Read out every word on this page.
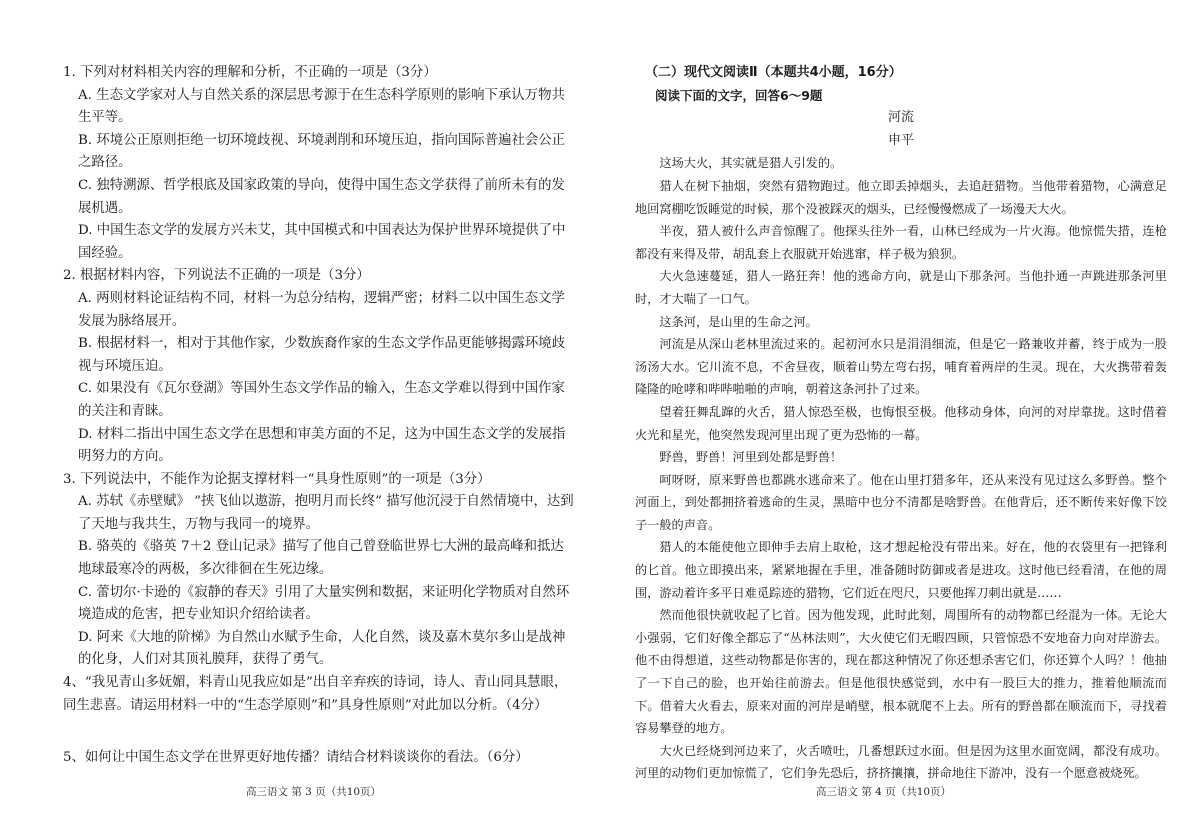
1. 下列对材料相关内容的理解和分析，不正确的一项是（3分）

A. 生态文学家对人与自然关系的深层思考源于在生态科学原则的影响下承认万物共生平等。

B. 环境公正原则拒绝一切环境歧视、环境剥削和环境压迫，指向国际普遍社会公正之路径。

C. 独特溯源、哲学根底及国家政策的导向，使得中国生态文学获得了前所未有的发展机遇。

D. 中国生态文学的发展方兴未艾，其中国模式和中国表达为保护世界环境提供了中国经验。

2. 根据材料内容，下列说法不正确的一项是（3分）

A. 两则材料论证结构不同，材料一为总分结构，逻辑严密；材料二以中国生态文学发展为脉络展开。

B. 根据材料一，相对于其他作家，少数族裔作家的生态文学作品更能够揭露环境歧视与环境压迫。

C. 如果没有《瓦尔登湖》等国外生态文学作品的输入，生态文学难以得到中国作家的关注和青睐。

D. 材料二指出中国生态文学在思想和审美方面的不足，这为中国生态文学的发展指明努力的方向。

3. 下列说法中，不能作为论据支撑材料一“具身性原则”的一项是（3分）

A. 苏轼《赤壁赋》 “挟飞仙以遨游，抱明月而长终” 描写他沉浸于自然情境中，达到了天地与我共生，万物与我同一的境界。

B. 骆英的《骆英 7＋2 登山记录》描写了他自己曾登临世界七大洲的最高峰和抵达地球最寒冷的两极，多次徘徊在生死边缘。

C. 蕾切尔·卡逊的《寂静的春天》引用了大量实例和数据，来证明化学物质对自然环境造成的危害，把专业知识介绍给读者。

D. 阿来《大地的阶梯》为自然山水赋予生命，人化自然，谈及嘉木莫尔多山是战神的化身，人们对其顶礼膜拜，获得了勇气。

4、“我见青山多妩媚，料青山见我应如是”出自辛弃疾的诗词，诗人、青山同具慧眼，同生悲喜。请运用材料一中的“生态学原则”和”具身性原则”对此加以分析。（4分）

5、如何让中国生态文学在世界更好地传播？请结合材料谈谈你的看法。（6分）

高三语文 第 3 页（共10页）

（二）现代文阅读Ⅱ（本题共4小题，16分）

阅读下面的文字，回答6～9题

河流

申平

这场大火，其实就是猎人引发的。

猎人在树下抽烟，突然有猎物跑过。他立即丢掉烟头，去追赶猎物。当他带着猎物，心满意足地回窝棚吃饭睡觉的时候，那个没被踩灭的烟头，已经慢慢燃成了一场漫天大火。

半夜，猎人被什么声音惊醒了。他探头往外一看，山林已经成为一片火海。他惊慌失措，连枪都没有来得及带，胡乱套上衣服就开始逃窜，样子极为狼狈。

大火急速蔓延，猎人一路狂奔！他的逃命方向，就是山下那条河。当他扑通一声跳进那条河里时，才大喘了一口气。

这条河，是山里的生命之河。

河流是从深山老林里流过来的。起初河水只是涓涓细流，但是它一路兼收并蓄，终于成为一股汤汤大水。它川流不息，不舍昼夜，顺着山势左弯右拐，哺育着两岸的生灵。现在，大火携带着轰隆隆的呛哮和哔哔啪啪的声响，朝着这条河扑了过来。

望着狂舞乱蹿的火舌，猎人惊恐至极，也悔恨至极。他移动身体，向河的对岸靠拢。这时借着火光和星光，他突然发现河里出现了更为恐怖的一幕。

野兽，野兽！河里到处都是野兽！

呵呀呀，原来野兽也都跳水逃命来了。他在山里打猎多年，还从来没有见过这么多野兽。整个河面上，到处都拥挤着逃命的生灵，黑暗中也分不清都是啥野兽。在他背后，还不断传来好像下饺子一般的声音。

猎人的本能使他立即伸手去肩上取枪，这才想起枪没有带出来。好在，他的衣袋里有一把锋利的匕首。他立即摸出来，紧紧地握在手里，准备随时防御或者是进攻。这时他已经看清，在他的周围，游动着许多平日难觅踪迹的猎物，它们近在咫尺，只要他挥刀刺出就是……

然而他很快就收起了匕首。因为他发现，此时此刻，周围所有的动物都已经混为一体。无论大小强弱，它们好像全都忘了“丛林法则”，大火使它们无暇四顾，只管惊恐不安地奋力向对岸游去。他不由得想道，这些动物都是你害的，现在都这种情况了你还想杀害它们，你还算个人吗？！他抽了一下自己的脸，也开始往前游去。但是他很快感觉到，水中有一股巨大的推力，推着他顺流而下。借着大火看去，原来对面的河岸是峭壁，根本就爬不上去。所有的野兽都在顺流而下，寻找着容易攀登的地方。

大火已经烧到河边来了，火舌喷吐，几番想跃过水面。但是因为这里水面宽阔，都没有成功。河里的动物们更加惊慌了，它们争先恐后，挤挤攘攘，拼命地往下游冲，没有一个愿意被烧死。

高三语文 第 4 页（共10页）
